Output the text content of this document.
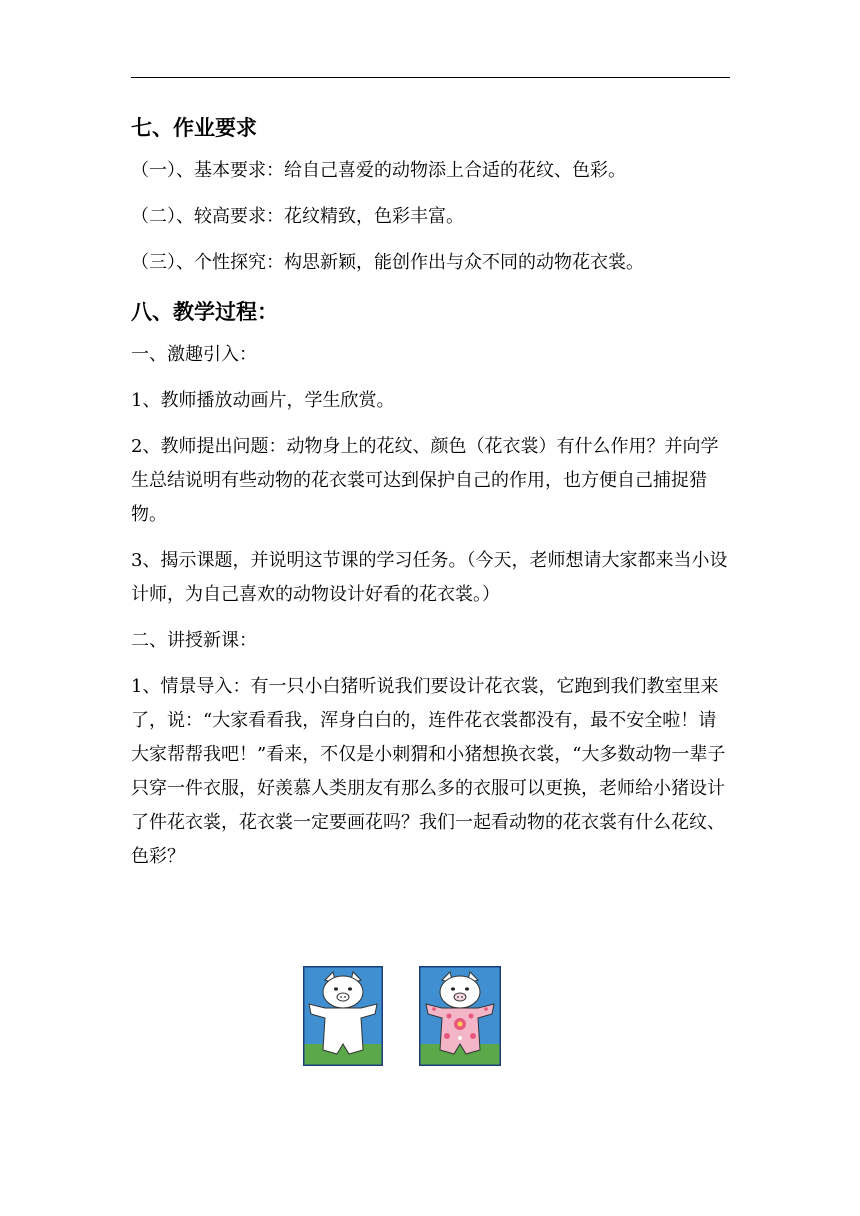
七、作业要求
（一）、基本要求：给自己喜爱的动物添上合适的花纹、色彩。
（二）、较高要求：花纹精致，色彩丰富。
（三）、个性探究：构思新颖，能创作出与众不同的动物花衣裳。
八、教学过程：
一、激趣引入：
1、教师播放动画片，学生欣赏。
2、教师提出问题：动物身上的花纹、颜色（花衣裳）有什么作用？并向学生总结说明有些动物的花衣裳可达到保护自己的作用，也方便自己捕捉猎物。
3、揭示课题，并说明这节课的学习任务。（今天，老师想请大家都来当小设计师，为自己喜欢的动物设计好看的花衣裳。）
二、讲授新课：
1、情景导入：有一只小白猪听说我们要设计花衣裳，它跑到我们教室里来了，说：“大家看看我，浑身白白的，连件花衣裳都没有，最不安全啦！请大家帮帮我吧！”看来，不仅是小刺猬和小猪想换衣裳，“大多数动物一辈子只穿一件衣服，好羡慕人类朋友有那么多的衣服可以更换，老师给小猪设计了件花衣裳，花衣裳一定要画花吗？我们一起看动物的花衣裳有什么花纹、色彩？
